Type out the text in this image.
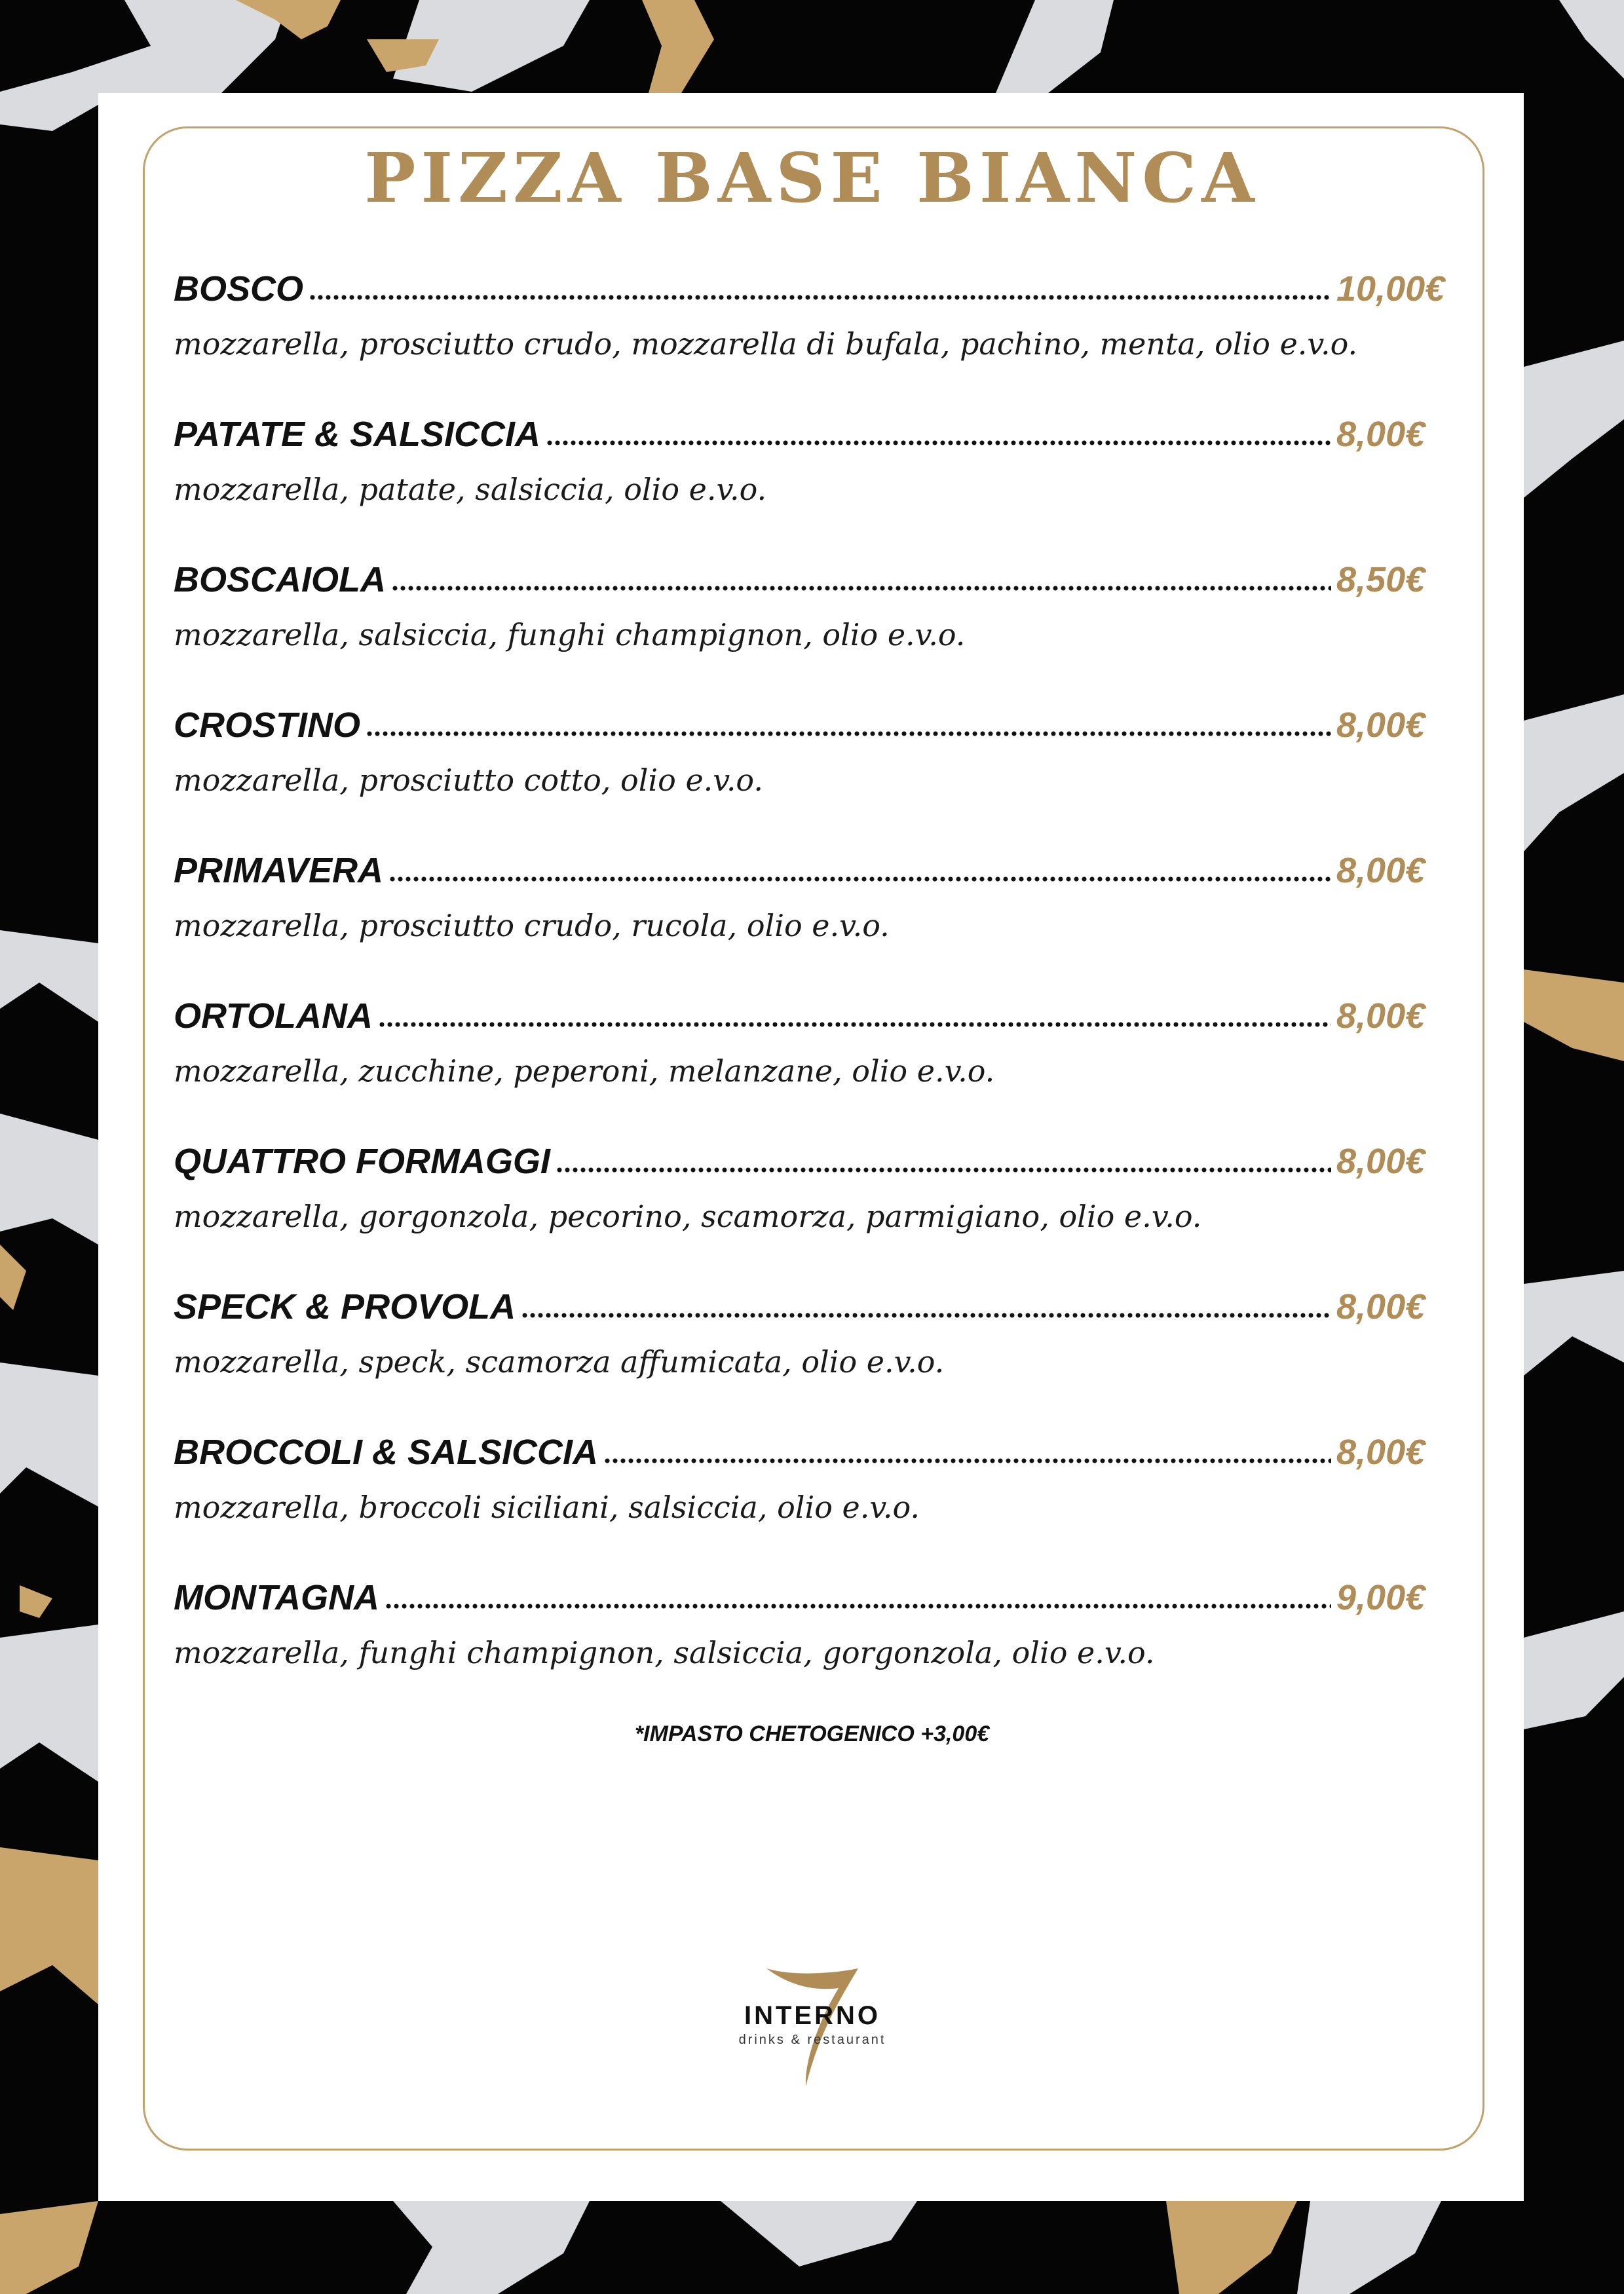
PIZZA BASE BIANCA
BOSCO	10,00€
mozzarella, prosciutto crudo, mozzarella di bufala, pachino, menta, olio e.v.o.
PATATE & SALSICCIA	8,00€
mozzarella, patate, salsiccia, olio e.v.o.
BOSCAIOLA	8,50€
mozzarella, salsiccia, funghi champignon, olio e.v.o.
CROSTINO	8,00€
mozzarella, prosciutto cotto, olio e.v.o.
PRIMAVERA	8,00€
mozzarella, prosciutto crudo, rucola, olio e.v.o.
ORTOLANA	8,00€
mozzarella, zucchine, peperoni, melanzane, olio e.v.o.
QUATTRO FORMAGGI	8,00€
mozzarella, gorgonzola, pecorino, scamorza, parmigiano, olio e.v.o.
SPECK & PROVOLA	8,00€
mozzarella, speck, scamorza affumicata, olio e.v.o.
BROCCOLI & SALSICCIA	8,00€
mozzarella, broccoli siciliani, salsiccia, olio e.v.o.
MONTAGNA	9,00€
mozzarella, funghi champignon, salsiccia, gorgonzola, olio e.v.o.
*IMPASTO CHETOGENICO +3,00€
INTERNO
drinks & restaurant
